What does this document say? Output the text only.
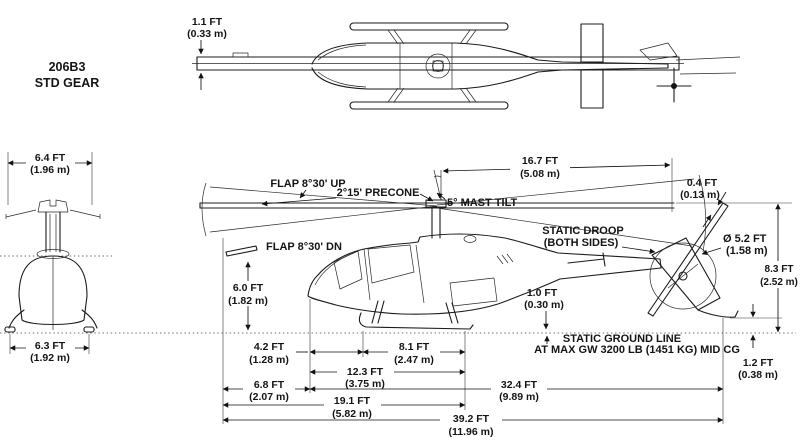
1.1 FT
(0.33 m)
206B3
STD GEAR
6.4 FT
(1.96 m)
6.3 FT
(1.92 m)
FLAP 8°30' UP
2°15' PRECONE
5° MAST TILT
FLAP 8°30' DN
STATIC DROOP
(BOTH SIDES)
16.7 FT
(5.08 m)
0.4 FT
(0.13 m)
Ø 5.2 FT
(1.58 m)
8.3 FT
(2.52 m)
6.0 FT
(1.82 m)
1.0 FT
(0.30 m)
STATIC GROUND LINE
AT MAX GW 3200 LB (1451 KG) MID CG
1.2 FT
(0.38 m)
4.2 FT
(1.28 m)
8.1 FT
(2.47 m)
12.3 FT
(3.75 m)
6.8 FT
(2.07 m)
32.4 FT
(9.89 m)
19.1 FT
(5.82 m)	39.2 FT
(11.96 m)
